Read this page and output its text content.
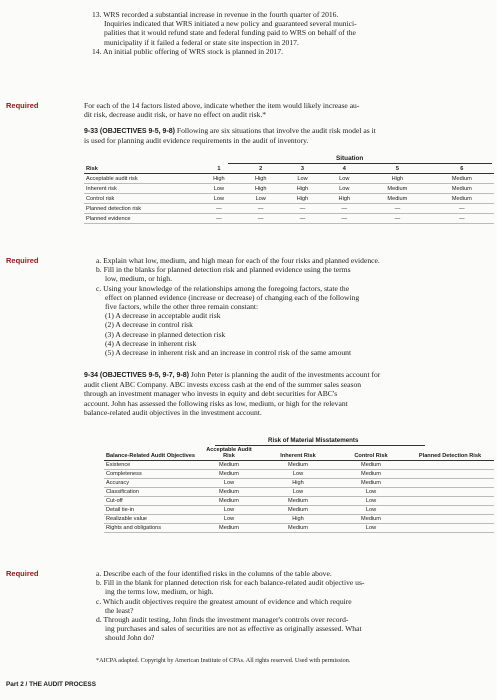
13. WRS recorded a substantial increase in revenue in the fourth quarter of 2016.
Inquiries indicated that WRS initiated a new policy and guaranteed several munici-
palities that it would refund state and federal funding paid to WRS on behalf of the
municipality if it failed a federal or state site inspection in 2017.
14. An initial public offering of WRS stock is planned in 2017.
Required	For each of the 14 factors listed above, indicate whether the item would likely increase au-
dit risk, decrease audit risk, or have no effect on audit risk.*
9-33 (OBJECTIVES 9-5, 9-8) Following are six situations that involve the audit risk model as it
is used for planning audit evidence requirements in the audit of inventory.
Situation
Risk	1	2	3	4	5	6
Acceptable audit risk	High	High	Low	Low	High	Medium
Inherent risk	Low	High	High	Low	Medium	Medium
Control risk	Low	Low	High	High	Medium	Medium
Planned detection risk	—	—	—	—	—	—
Planned evidence	—	—	—	—	—	—
Required	a. Explain what low, medium, and high mean for each of the four risks and planned evidence.
b. Fill in the blanks for planned detection risk and planned evidence using the terms
low, medium, or high.
c. Using your knowledge of the relationships among the foregoing factors, state the
effect on planned evidence (increase or decrease) of changing each of the following
five factors, while the other three remain constant:
(1) A decrease in acceptable audit risk
(2) A decrease in control risk
(3) A decrease in planned detection risk
(4) A decrease in inherent risk
(5) A decrease in inherent risk and an increase in control risk of the same amount
9-34 (OBJECTIVES 9-5, 9-7, 9-8) John Peter is planning the audit of the investments account for
audit client ABC Company. ABC invests excess cash at the end of the summer sales season
through an investment manager who invests in equity and debt securities for ABC's
account. John has assessed the following risks as low, medium, or high for the relevant
balance-related audit objectives in the investment account.
Risk of Material Misstatements
Balance-Related Audit Objectives	Acceptable Audit Risk	Inherent Risk	Control Risk	Planned Detection Risk
Existence	Medium	Medium	Medium	
Completeness	Medium	Low	Medium	
Accuracy	Low	High	Medium	
Classification	Medium	Low	Low	
Cut-off	Medium	Medium	Low	
Detail tie-in	Low	Medium	Low	
Realizable value	Low	High	Medium	
Rights and obligations	Medium	Medium	Low	
Required	a. Describe each of the four identified risks in the columns of the table above.
b. Fill in the blank for planned detection risk for each balance-related audit objective us-
ing the terms low, medium, or high.
c. Which audit objectives require the greatest amount of evidence and which require
the least?
d. Through audit testing, John finds the investment manager's controls over record-
ing purchases and sales of securities are not as effective as originally assessed. What
should John do?
*AICPA adapted. Copyright by American Institute of CPAs. All rights reserved. Used with permission.
Part 2 / THE AUDIT PROCESS
